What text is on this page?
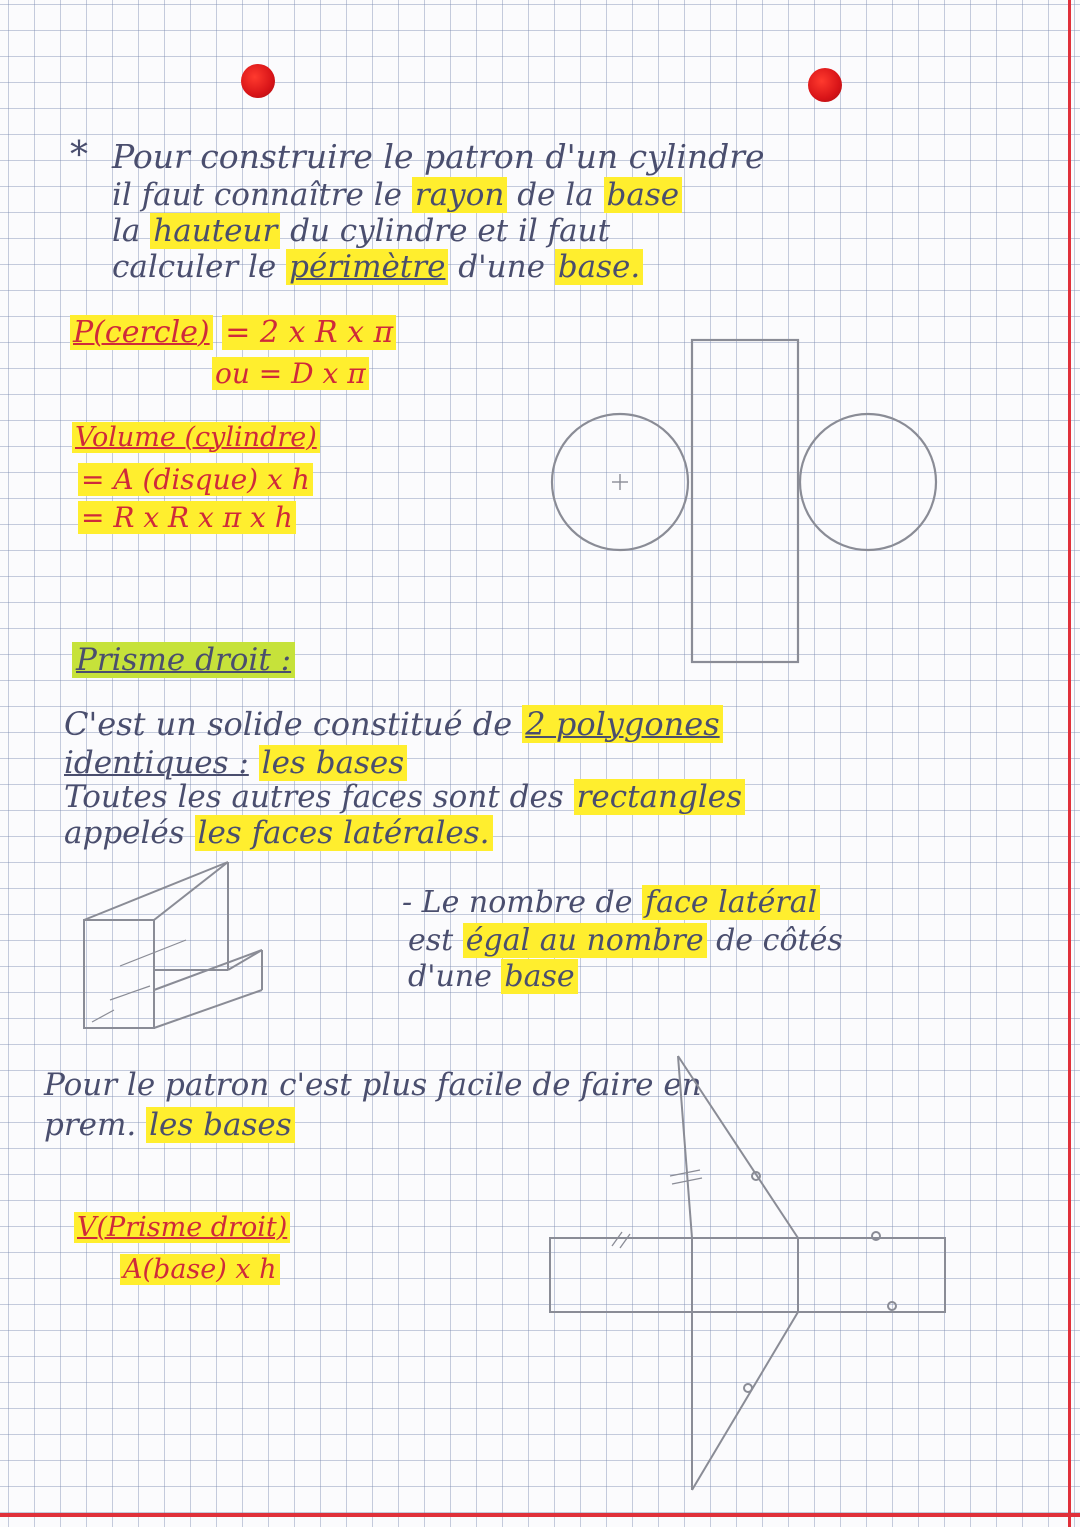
* Pour construire le patron d'un cylindre
il faut connaître le rayon de la base
la hauteur du cylindre et il faut
calculer le périmètre d'une base.
P(cercle) = 2 x R x π
ou = D x π
Volume (cylindre)
= A (disque) x h
= R x R x π x h
Prisme droit :
C'est un solide constitué de 2 polygones
identiques : les bases
Toutes les autres faces sont des rectangles
appelés les faces latérales.
- Le nombre de face latéral
est égal au nombre de côtés
d'une base
Pour le patron c'est plus facile de faire en
prem. les bases
V(Prisme droit)
A(base) x h
